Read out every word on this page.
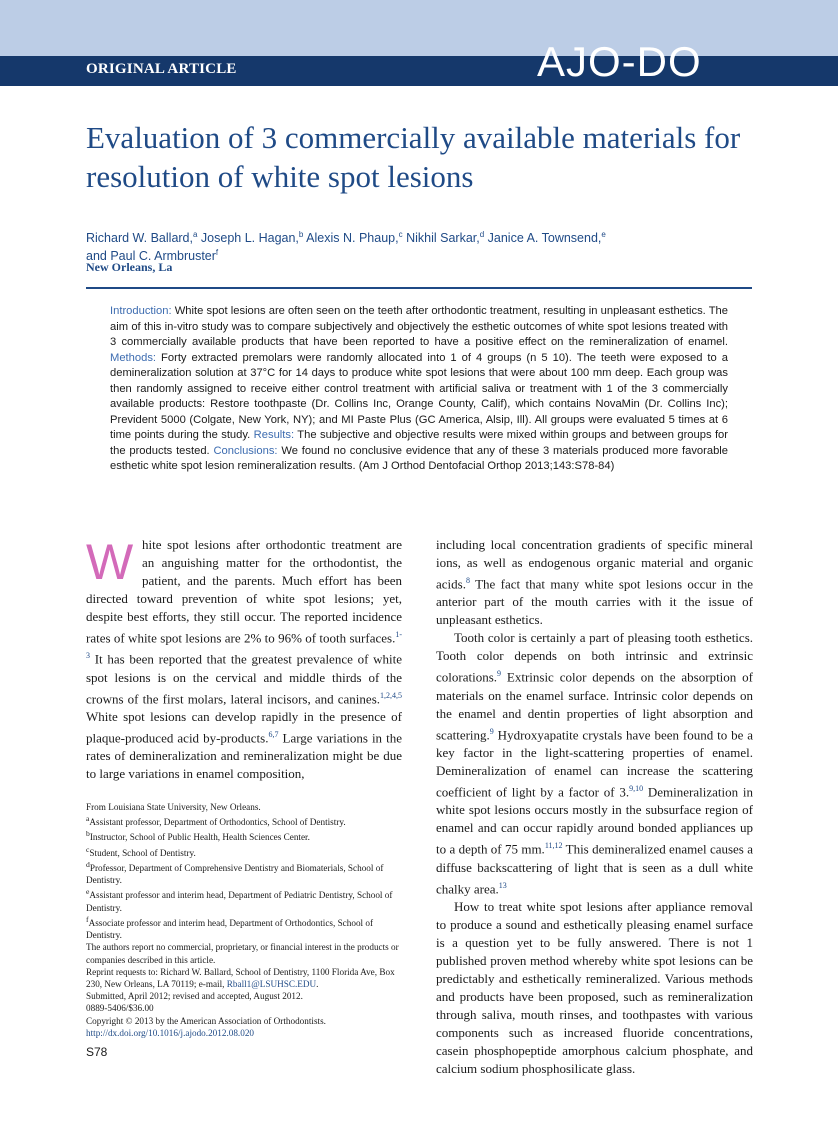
ORIGINAL ARTICLE	AJO-DO
Evaluation of 3 commercially available materials for resolution of white spot lesions
Richard W. Ballard,$^a$ Joseph L. Hagan,$^b$ Alexis N. Phaup,$^c$ Nikhil Sarkar,$^d$ Janice A. Townsend,$^e$
and Paul C. Armbruster$^f$
New Orleans, La
Introduction: White spot lesions are often seen on the teeth after orthodontic treatment, resulting in unpleasant esthetics. The aim of this in-vitro study was to compare subjectively and objectively the esthetic outcomes of white spot lesions treated with 3 commercially available products that have been reported to have a positive effect on the remineralization of enamel. Methods: Forty extracted premolars were randomly allocated into 1 of 4 groups (n 5 10). The teeth were exposed to a demineralization solution at 37°C for 14 days to produce white spot lesions that were about 100 mm deep. Each group was then randomly assigned to receive either control treatment with artificial saliva or treatment with 1 of the 3 commercially available products: Restore toothpaste (Dr. Collins Inc, Orange County, Calif), which contains NovaMin (Dr. Collins Inc); Prevident 5000 (Colgate, New York, NY); and MI Paste Plus (GC America, Alsip, Ill). All groups were evaluated 5 times at 6 time points during the study. Results: The subjective and objective results were mixed within groups and between groups for the products tested. Conclusions: We found no conclusive evidence that any of these 3 materials produced more favorable esthetic white spot lesion remineralization results. (Am J Orthod Dentofacial Orthop 2013;143:S78-84)
W hite spot lesions after orthodontic treatment are an anguishing matter for the orthodontist, the patient, and the parents. Much effort has been directed toward prevention of white spot lesions; yet, despite best efforts, they still occur. The reported incidence rates of white spot lesions are 2% to 96% of tooth surfaces.$^{1-3}$ It has been reported that the greatest prevalence of white spot lesions is on the cervical and middle thirds of the crowns of the first molars, lateral incisors, and canines.$^{1,2,4,5}$ White spot lesions can develop rapidly in the presence of plaque-produced acid by-products.$^{6,7}$ Large variations in the rates of demineralization and remineralization might be due to large variations in enamel composition,

From Louisiana State University, New Orleans.
$^a$Assistant professor, Department of Orthodontics, School of Dentistry.
$^b$Instructor, School of Public Health, Health Sciences Center.
$^c$Student, School of Dentistry.
$^d$Professor, Department of Comprehensive Dentistry and Biomaterials, School of Dentistry.
$^e$Assistant professor and interim head, Department of Pediatric Dentistry, School of Dentistry.
$^f$Associate professor and interim head, Department of Orthodontics, School of Dentistry.
The authors report no commercial, proprietary, or financial interest in the products or companies described in this article.
Reprint requests to: Richard W. Ballard, School of Dentistry, 1100 Florida Ave, Box 230, New Orleans, LA 70119; e-mail, Rball1@LSUHSC.EDU.
Submitted, April 2012; revised and accepted, August 2012.
0889-5406/$36.00
Copyright © 2013 by the American Association of Orthodontists.
http://dx.doi.org/10.1016/j.ajodo.2012.08.020

including local concentration gradients of specific mineral ions, as well as endogenous organic material and organic acids.$^8$ The fact that many white spot lesions occur in the anterior part of the mouth carries with it the issue of unpleasant esthetics.

Tooth color is certainly a part of pleasing tooth esthetics. Tooth color depends on both intrinsic and extrinsic colorations.$^9$ Extrinsic color depends on the absorption of materials on the enamel surface. Intrinsic color depends on the enamel and dentin properties of light absorption and scattering.$^9$ Hydroxyapatite crystals have been found to be a key factor in the light-scattering properties of enamel. Demineralization of enamel can increase the scattering coefficient of light by a factor of 3.$^{9,10}$ Demineralization in white spot lesions occurs mostly in the subsurface region of enamel and can occur rapidly around bonded appliances up to a depth of 75 mm.$^{11,12}$ This demineralized enamel causes a diffuse backscattering of light that is seen as a dull white chalky area.$^{13}$

How to treat white spot lesions after appliance removal to produce a sound and esthetically pleasing enamel surface is a question yet to be fully answered. There is not 1 published proven method whereby white spot lesions can be predictably and esthetically remineralized. Various methods and products have been proposed, such as remineralization through saliva, mouth rinses, and toothpastes with various components such as increased fluoride concentrations, casein phosphopeptide amorphous calcium phosphate, and calcium sodium phosphosilicate glass.

S78
